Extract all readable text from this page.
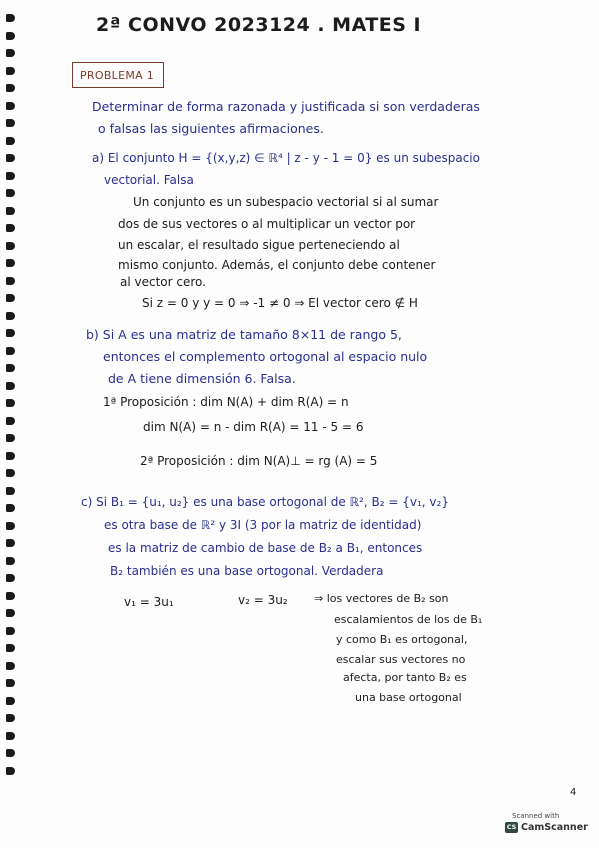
2ª CONVO 2023124 . MATES I
PROBLEMA 1
Determinar de forma razonada y justificada si son verdaderas
o falsas las siguientes afirmaciones.
a) El conjunto H = {(x,y,z) ∈ ℝ⁴ | z - y - 1 = 0} es un subespacio
vectorial. Falsa
Un conjunto es un subespacio vectorial si al sumar
dos de sus vectores o al multiplicar un vector por
un escalar, el resultado sigue perteneciendo al
mismo conjunto. Además, el conjunto debe contener
al vector cero.
Si z = 0 y y = 0 ⇒ -1 ≠ 0 ⇒ El vector cero ∉ H
b) Si A es una matriz de tamaño 8×11 de rango 5,
entonces el complemento ortogonal al espacio nulo
de A tiene dimensión 6. Falsa.
1ª Proposición : dim N(A) + dim R(A) = n
dim N(A) = n - dim R(A) = 11 - 5 = 6
2ª Proposición : dim N(A)⊥ = rg (A) = 5
c) Si B₁ = {u₁, u₂} es una base ortogonal de ℝ², B₂ = {v₁, v₂}
es otra base de ℝ² y 3I (3 por la matriz de identidad)
es la matriz de cambio de base de B₂ a B₁, entonces
B₂ también es una base ortogonal. Verdadera
v₁ = 3u₁	v₂ = 3u₂ ⇒ los vectores de B₂ son
escalamientos de los de B₁
y como B₁ es ortogonal,
escalar sus vectores no
afecta, por tanto B₂ es
una base ortogonal
4
Scanned with
CS CamScanner
